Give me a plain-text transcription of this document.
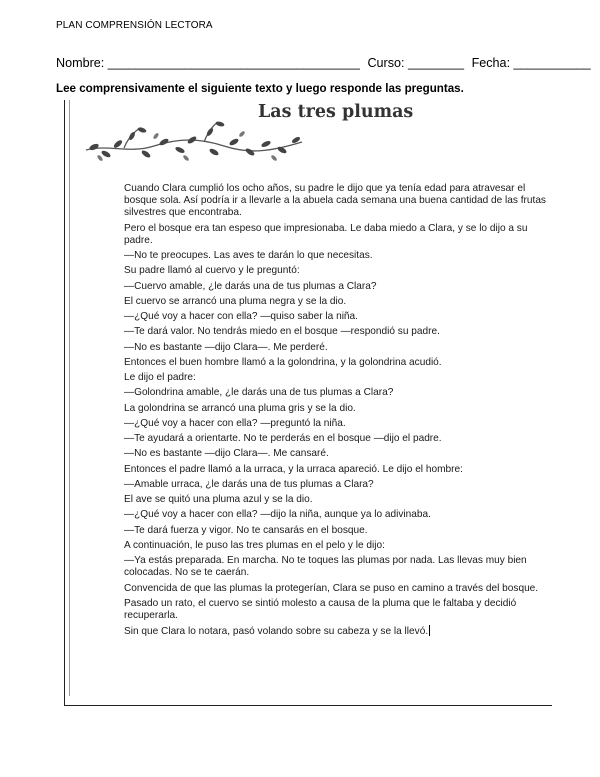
PLAN COMPRENSIÓN LECTORA
Nombre: ____________________________________ Curso: ________ Fecha: ___________
Lee comprensivamente el siguiente texto y luego responde las preguntas.
Las tres plumas

Cuando Clara cumplió los ocho años, su padre le dijo que ya tenía edad para atravesar el bosque sola. Así podría ir a llevarle a la abuela cada semana una buena cantidad de las frutas silvestres que encontraba.

Pero el bosque era tan espeso que impresionaba. Le daba miedo a Clara, y se lo dijo a su padre.

—No te preocupes. Las aves te darán lo que necesitas.

Su padre llamó al cuervo y le preguntó:

—Cuervo amable, ¿le darás una de tus plumas a Clara?

El cuervo se arrancó una pluma negra y se la dio.

—¿Qué voy a hacer con ella? —quiso saber la niña.

—Te dará valor. No tendrás miedo en el bosque —respondió su padre.

—No es bastante —dijo Clara—. Me perderé.

Entonces el buen hombre llamó a la golondrina, y la golondrina acudió.

Le dijo el padre:

—Golondrina amable, ¿le darás una de tus plumas a Clara?

La golondrina se arrancó una pluma gris y se la dio.

—¿Qué voy a hacer con ella? —preguntó la niña.

—Te ayudará a orientarte. No te perderás en el bosque —dijo el padre.

—No es bastante —dijo Clara—. Me cansaré.

Entonces el padre llamó a la urraca, y la urraca apareció. Le dijo el hombre:

—Amable urraca, ¿le darás una de tus plumas a Clara?

El ave se quitó una pluma azul y se la dio.

—¿Qué voy a hacer con ella? —dijo la niña, aunque ya lo adivinaba.

—Te dará fuerza y vigor. No te cansarás en el bosque.

A continuación, le puso las tres plumas en el pelo y le dijo:

—Ya estás preparada. En marcha. No te toques las plumas por nada. Las llevas muy bien colocadas. No se te caerán.

Convencida de que las plumas la protegerían, Clara se puso en camino a través del bosque.

Pasado un rato, el cuervo se sintió molesto a causa de la pluma que le faltaba y decidió recuperarla.

Sin que Clara lo notara, pasó volando sobre su cabeza y se la llevó.
